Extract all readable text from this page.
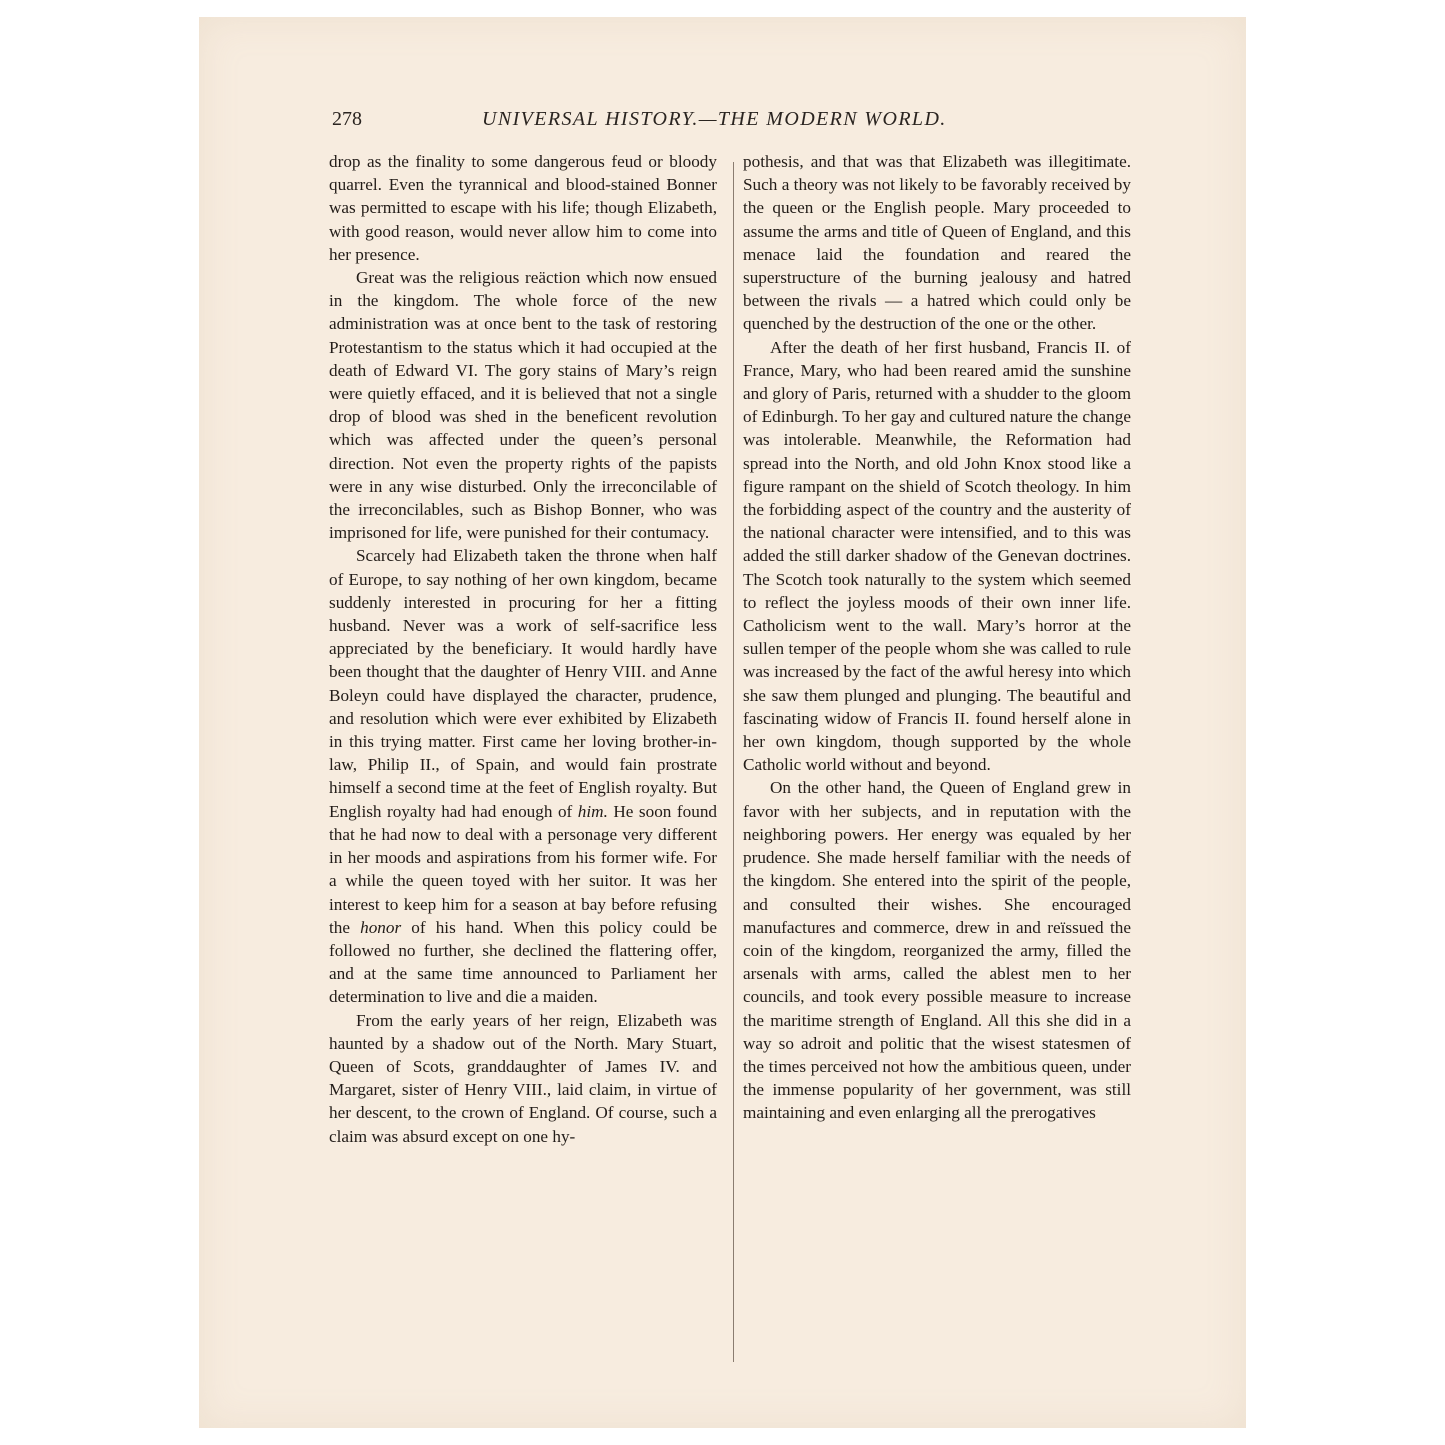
278	UNIVERSAL HISTORY.—THE MODERN WORLD.

drop as the finality to some dangerous feud or bloody quarrel. Even the tyrannical and blood-stained Bonner was permitted to escape with his life; though Elizabeth, with good reason, would never allow him to come into her presence.

Great was the religious reäction which now ensued in the kingdom. The whole force of the new administration was at once bent to the task of restoring Protestantism to the status which it had occupied at the death of Edward VI. The gory stains of Mary’s reign were quietly effaced, and it is believed that not a single drop of blood was shed in the beneficent revolution which was affected under the queen’s personal direction. Not even the property rights of the papists were in any wise disturbed. Only the irreconcilable of the irreconcilables, such as Bishop Bonner, who was imprisoned for life, were punished for their contumacy.

Scarcely had Elizabeth taken the throne when half of Europe, to say nothing of her own kingdom, became suddenly interested in procuring for her a fitting husband. Never was a work of self-sacrifice less appreciated by the beneficiary. It would hardly have been thought that the daughter of Henry VIII. and Anne Boleyn could have displayed the character, prudence, and resolution which were ever exhibited by Elizabeth in this trying matter. First came her loving brother-in-law, Philip II., of Spain, and would fain prostrate himself a second time at the feet of English royalty. But English royalty had had enough of him. He soon found that he had now to deal with a personage very different in her moods and aspirations from his former wife. For a while the queen toyed with her suitor. It was her interest to keep him for a season at bay before refusing the honor of his hand. When this policy could be followed no further, she declined the flattering offer, and at the same time announced to Parliament her determination to live and die a maiden.

From the early years of her reign, Elizabeth was haunted by a shadow out of the North. Mary Stuart, Queen of Scots, granddaughter of James IV. and Margaret, sister of Henry VIII., laid claim, in virtue of her descent, to the crown of England. Of course, such a claim was absurd except on one hy-

pothesis, and that was that Elizabeth was illegitimate. Such a theory was not likely to be favorably received by the queen or the English people. Mary proceeded to assume the arms and title of Queen of England, and this menace laid the foundation and reared the superstructure of the burning jealousy and hatred between the rivals — a hatred which could only be quenched by the destruction of the one or the other.

After the death of her first husband, Francis II. of France, Mary, who had been reared amid the sunshine and glory of Paris, returned with a shudder to the gloom of Edinburgh. To her gay and cultured nature the change was intolerable. Meanwhile, the Reformation had spread into the North, and old John Knox stood like a figure rampant on the shield of Scotch theology. In him the forbidding aspect of the country and the austerity of the national character were intensified, and to this was added the still darker shadow of the Genevan doctrines. The Scotch took naturally to the system which seemed to reflect the joyless moods of their own inner life. Catholicism went to the wall. Mary’s horror at the sullen temper of the people whom she was called to rule was increased by the fact of the awful heresy into which she saw them plunged and plunging. The beautiful and fascinating widow of Francis II. found herself alone in her own kingdom, though supported by the whole Catholic world without and beyond.

On the other hand, the Queen of England grew in favor with her subjects, and in reputation with the neighboring powers. Her energy was equaled by her prudence. She made herself familiar with the needs of the kingdom. She entered into the spirit of the people, and consulted their wishes. She encouraged manufactures and commerce, drew in and reïssued the coin of the kingdom, reorganized the army, filled the arsenals with arms, called the ablest men to her councils, and took every possible measure to increase the maritime strength of England. All this she did in a way so adroit and politic that the wisest statesmen of the times perceived not how the ambitious queen, under the immense popularity of her government, was still maintaining and even enlarging all the prerogatives
